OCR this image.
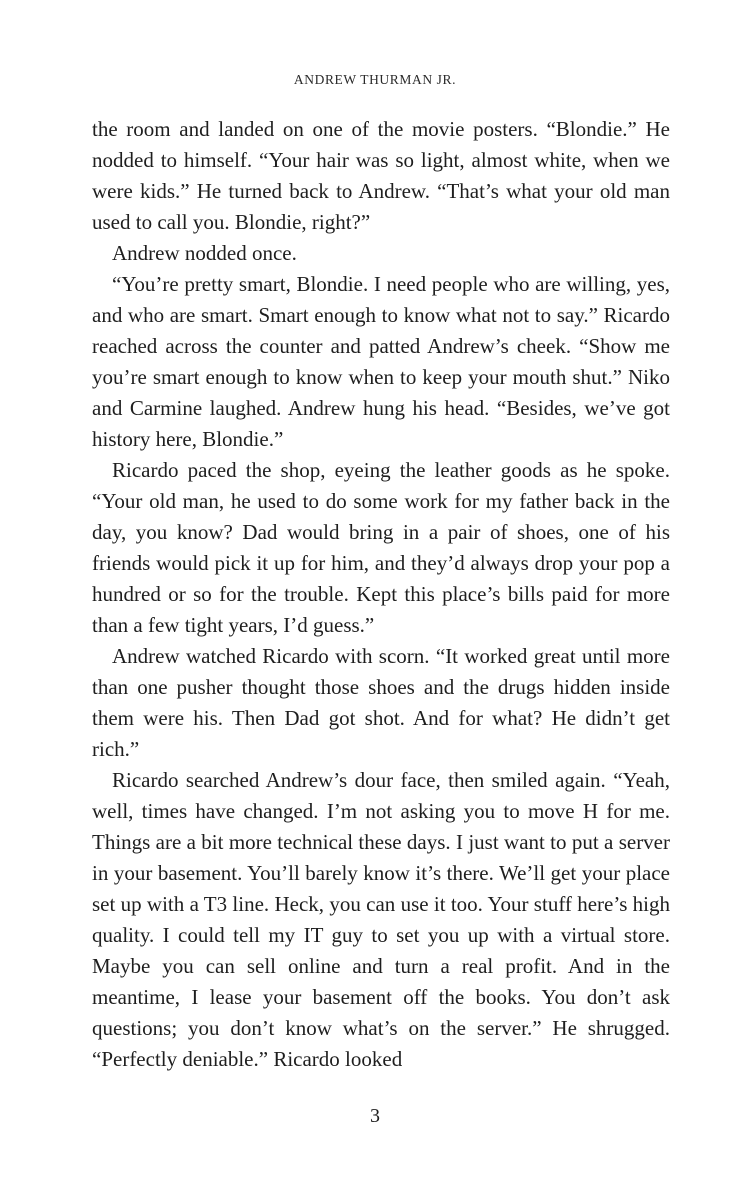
ANDREW THURMAN JR.

the room and landed on one of the movie posters. “Blondie.” He nodded to himself. “Your hair was so light, almost white, when we were kids.” He turned back to Andrew. “That’s what your old man used to call you. Blondie, right?”

Andrew nodded once.

“You’re pretty smart, Blondie. I need people who are willing, yes, and who are smart. Smart enough to know what not to say.” Ricardo reached across the counter and patted Andrew’s cheek. “Show me you’re smart enough to know when to keep your mouth shut.” Niko and Carmine laughed. Andrew hung his head. “Besides, we’ve got history here, Blondie.”

Ricardo paced the shop, eyeing the leather goods as he spoke. “Your old man, he used to do some work for my father back in the day, you know? Dad would bring in a pair of shoes, one of his friends would pick it up for him, and they’d always drop your pop a hundred or so for the trouble. Kept this place’s bills paid for more than a few tight years, I’d guess.”

Andrew watched Ricardo with scorn. “It worked great until more than one pusher thought those shoes and the drugs hidden inside them were his. Then Dad got shot. And for what? He didn’t get rich.”

Ricardo searched Andrew’s dour face, then smiled again. “Yeah, well, times have changed. I’m not asking you to move H for me. Things are a bit more technical these days. I just want to put a server in your basement. You’ll barely know it’s there. We’ll get your place set up with a T3 line. Heck, you can use it too. Your stuff here’s high quality. I could tell my IT guy to set you up with a virtual store. Maybe you can sell online and turn a real profit. And in the meantime, I lease your basement off the books. You don’t ask questions; you don’t know what’s on the server.” He shrugged. “Perfectly deniable.” Ricardo looked

3
